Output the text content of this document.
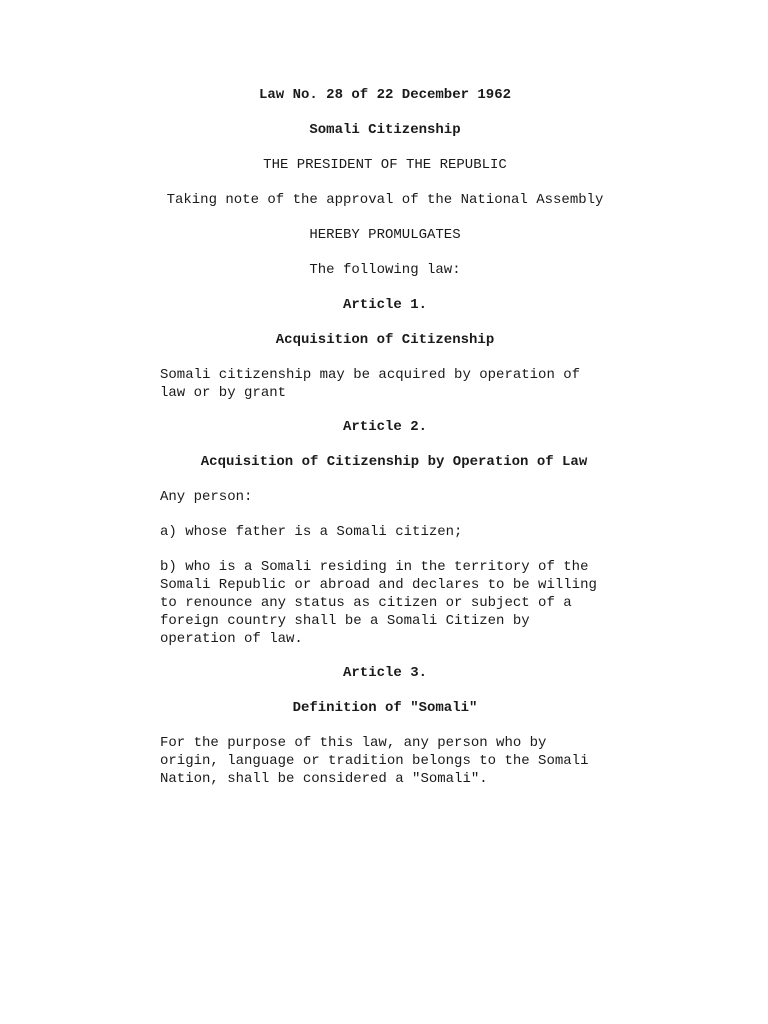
Law No. 28 of 22 December 1962
Somali Citizenship
THE PRESIDENT OF THE REPUBLIC
Taking note of the approval of the National Assembly
HEREBY PROMULGATES
The following law:
Article 1.
Acquisition of Citizenship
Somali citizenship may be acquired by operation of law or by grant
Article 2.
Acquisition of Citizenship by Operation of Law
Any person:
a) whose father is a Somali citizen;
b) who is a Somali residing in the territory of the Somali Republic or abroad and declares to be willing to renounce any status as citizen or subject of a foreign country shall be a Somali Citizen by operation of law.
Article 3.
Definition of "Somali"
For the purpose of this law, any person who by origin, language or tradition belongs to the Somali Nation, shall be considered a "Somali".
